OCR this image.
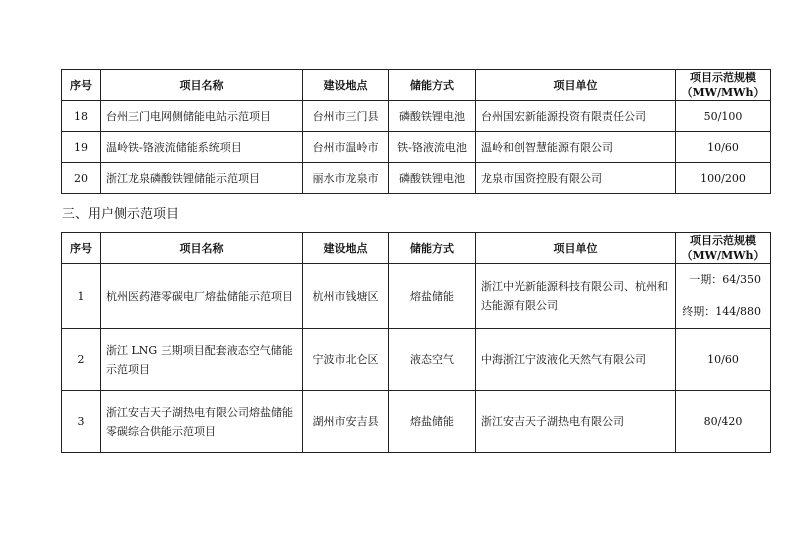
序号	项目名称	建设地点	储能方式	项目单位	项目示范规模
（MW/MWh）

18	台州三门电网侧储能电站示范项目	台州市三门县	磷酸铁锂电池	台州国宏新能源投资有限责任公司	50/100
19	温岭铁-铬液流储能系统项目	台州市温岭市	铁-铬液流电池	温岭和创智慧能源有限公司	10/60
20	浙江龙泉磷酸铁锂储能示范项目	丽水市龙泉市	磷酸铁锂电池	龙泉市国资控股有限公司	100/200
三、用户侧示范项目
序号	项目名称	建设地点	储能方式	项目单位	项目示范规模
（MW/MWh）

1	杭州医药港零碳电厂熔盐储能示范项目	杭州市钱塘区	熔盐储能	浙江中光新能源科技有限公司、杭州和达能源有限公司	一期：64/350
终期：144/880

2	浙江 LNG 三期项目配套液态空气储能示范项目	宁波市北仑区	液态空气	中海浙江宁波液化天然气有限公司	10/60
3	浙江安吉天子湖热电有限公司熔盐储能零碳综合供能示范项目	湖州市安吉县	熔盐储能	浙江安吉天子湖热电有限公司	80/420
